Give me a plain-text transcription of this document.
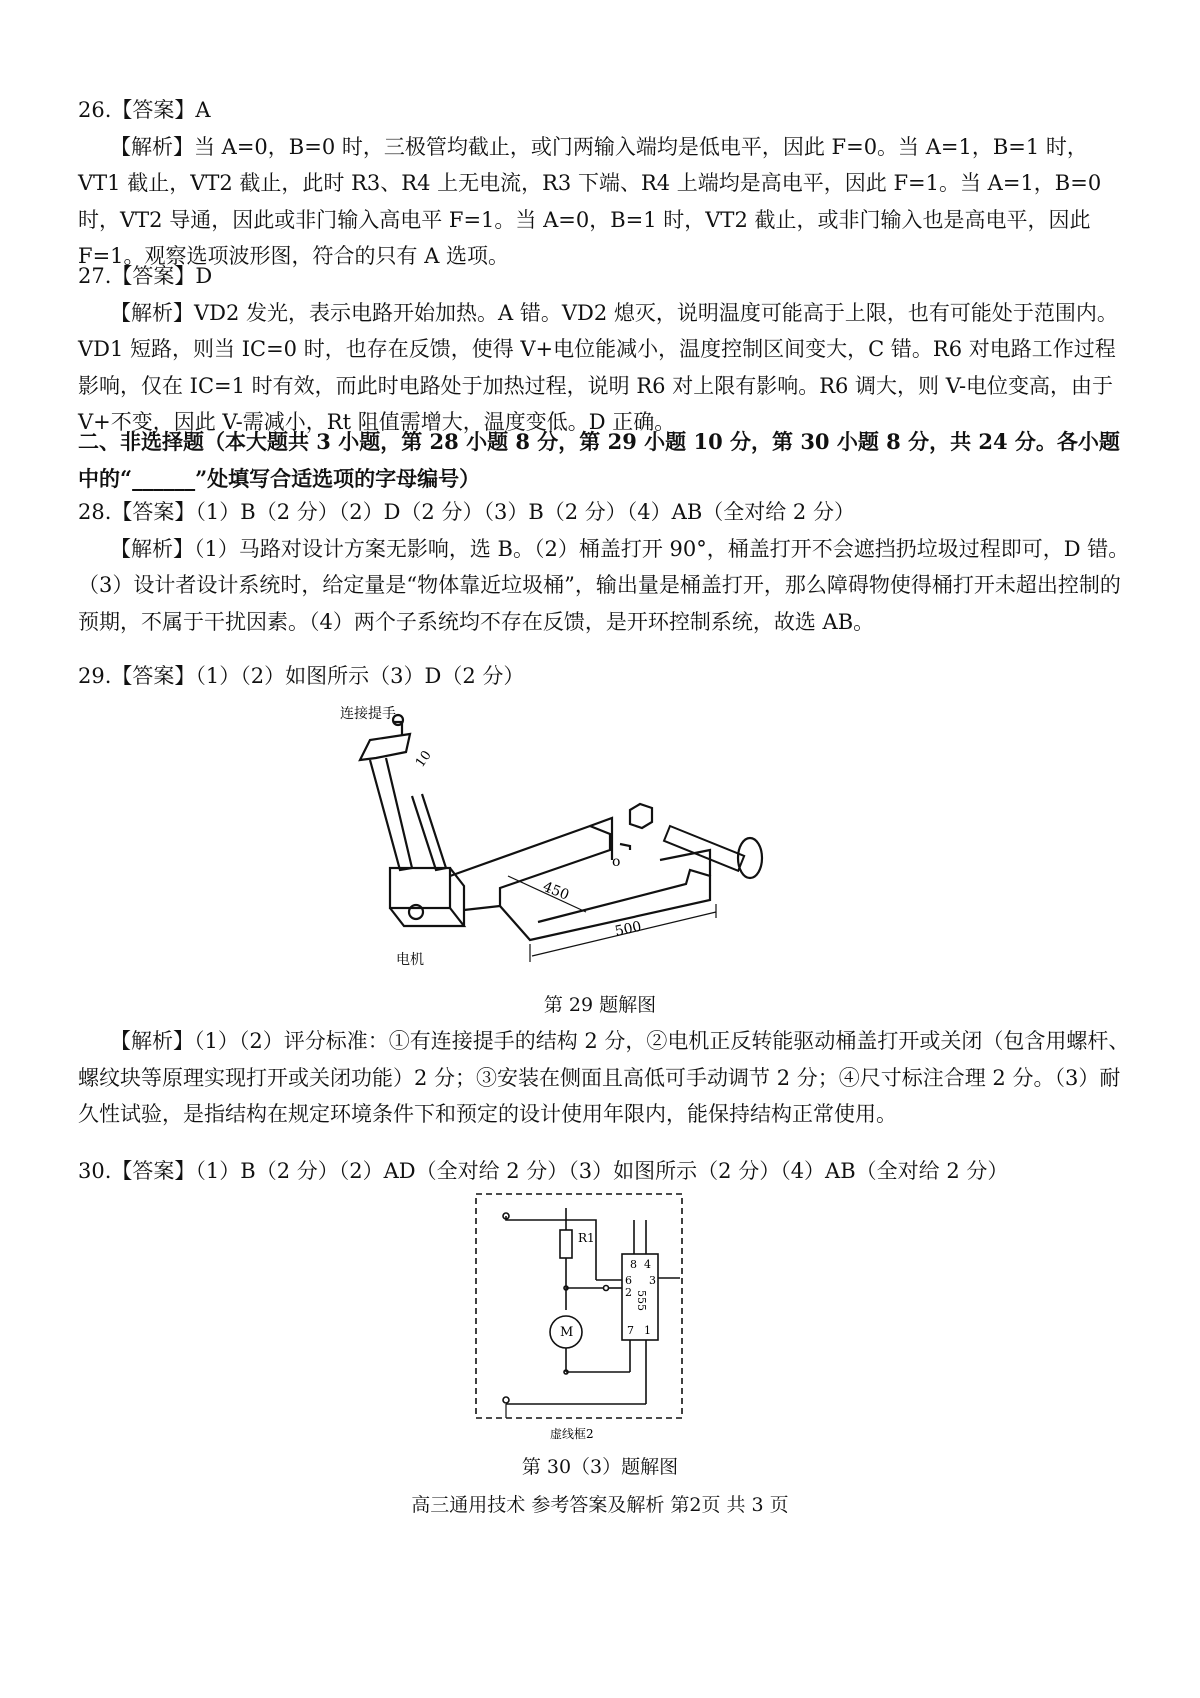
26.【答案】A

【解析】当 A=0，B=0 时，三极管均截止，或门两输入端均是低电平，因此 F=0。当 A=1，B=1 时，VT1 截止，VT2 截止，此时 R3、R4 上无电流，R3 下端、R4 上端均是高电平，因此 F=1。当 A=1，B=0 时，VT2 导通，因此或非门输入高电平 F=1。当 A=0，B=1 时，VT2 截止，或非门输入也是高电平，因此 F=1。观察选项波形图，符合的只有 A 选项。

27.【答案】D

【解析】VD2 发光，表示电路开始加热。A 错。VD2 熄灭，说明温度可能高于上限，也有可能处于范围内。VD1 短路，则当 IC=0 时，也存在反馈，使得 V+电位能减小，温度控制区间变大，C 错。R6 对电路工作过程影响，仅在 IC=1 时有效，而此时电路处于加热过程，说明 R6 对上限有影响。R6 调大，则 V-电位变高，由于 V+不变，因此 V-需减小，Rt 阻值需增大，温度变低。D 正确。

二、非选择题（本大题共 3 小题，第 28 小题 8 分，第 29 小题 10 分，第 30 小题 8 分，共 24 分。各小题中的“______”处填写合适选项的字母编号）

28.【答案】（1）B（2 分）（2）D（2 分）（3）B（2 分）（4）AB（全对给 2 分）

【解析】（1）马路对设计方案无影响，选 B。（2）桶盖打开 90°，桶盖打开不会遮挡扔垃圾过程即可，D 错。（3）设计者设计系统时，给定量是“物体靠近垃圾桶”，输出量是桶盖打开，那么障碍物使得桶打开未超出控制的预期，不属于干扰因素。（4）两个子系统均不存在反馈，是开环控制系统，故选 AB。

29.【答案】（1）（2）如图所示（3）D（2 分）

o
连接提手
10
450
500
电机
第 29 题解图

【解析】（1）（2）评分标准：①有连接提手的结构 2 分，②电机正反转能驱动桶盖打开或关闭（包含用螺杆、螺纹块等原理实现打开或关闭功能）2 分；③安装在侧面且高低可手动调节 2 分；④尺寸标注合理 2 分。（3）耐久性试验，是指结构在规定环境条件下和预定的设计使用年限内，能保持结构正常使用。

30.【答案】（1）B（2 分）（2）AD（全对给 2 分）（3）如图所示（2 分）（4）AB（全对给 2 分）

R1
M
8 4
6
2
3
555
7 1
虚线框2
第 30（3）题解图
高三通用技术 参考答案及解析 第2页 共 3 页
